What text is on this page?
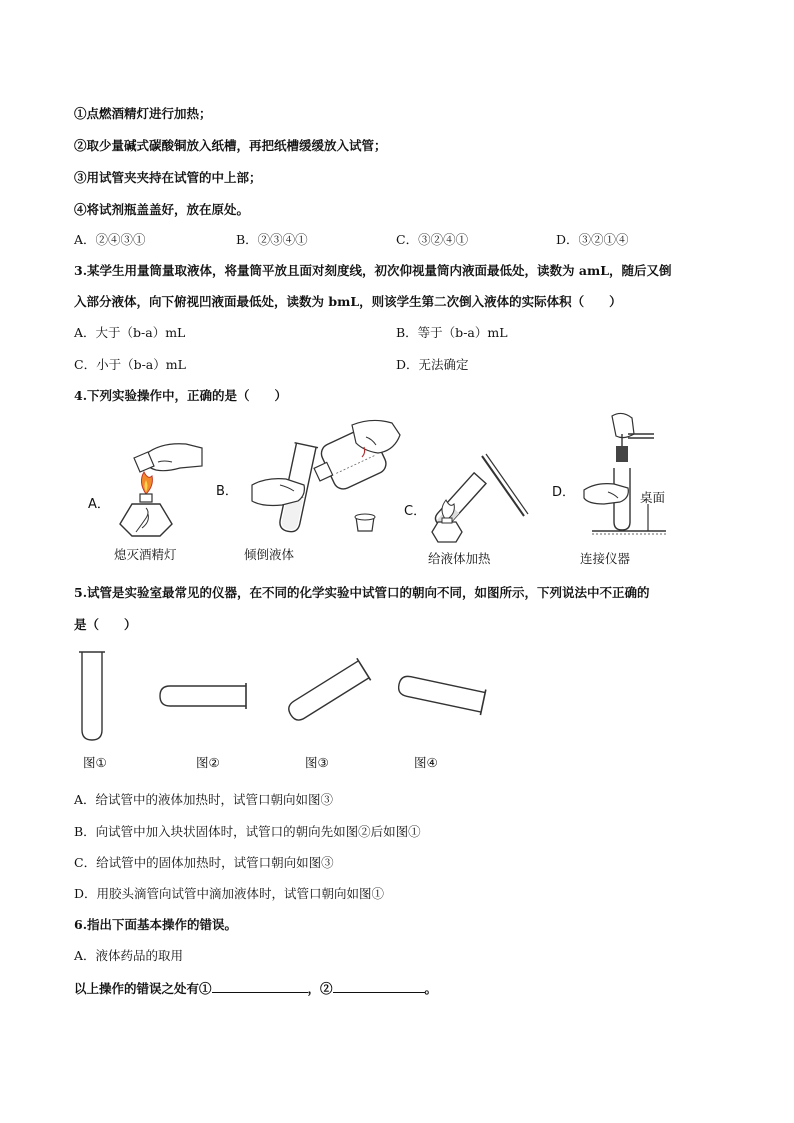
①点燃酒精灯进行加热；
②取少量碱式碳酸铜放入纸槽，再把纸槽缓缓放入试管；
③用试管夹夹持在试管的中上部；
④将试剂瓶盖盖好，放在原处。
A．②④③①	B．②③④①	C．③②④①	D．③②①④
3.某学生用量筒量取液体，将量筒平放且面对刻度线，初次仰视量筒内液面最低处，读数为 amL，随后又倒
入部分液体，向下俯视凹液面最低处，读数为 bmL，则该学生第二次倒入液体的实际体积（　　）
A．大于（b-a）mL	B．等于（b-a）mL
C．小于（b-a）mL	D．无法确定
4.下列实验操作中，正确的是（　　）
A．
熄灭酒精灯
B．
倾倒液体
C．
给液体加热
D．	桌面
连接仪器
5.试管是实验室最常见的仪器，在不同的化学实验中试管口的朝向不同，如图所示，下列说法中不正确的
是（　　）
图①	图②	图③	图④
A．给试管中的液体加热时，试管口朝向如图③
B．向试管中加入块状固体时，试管口的朝向先如图②后如图①
C．给试管中的固体加热时，试管口朝向如图③
D．用胶头滴管向试管中滴加液体时，试管口朝向如图①
6.指出下面基本操作的错误。
A．液体药品的取用
以上操作的错误之处有①	，②	。
